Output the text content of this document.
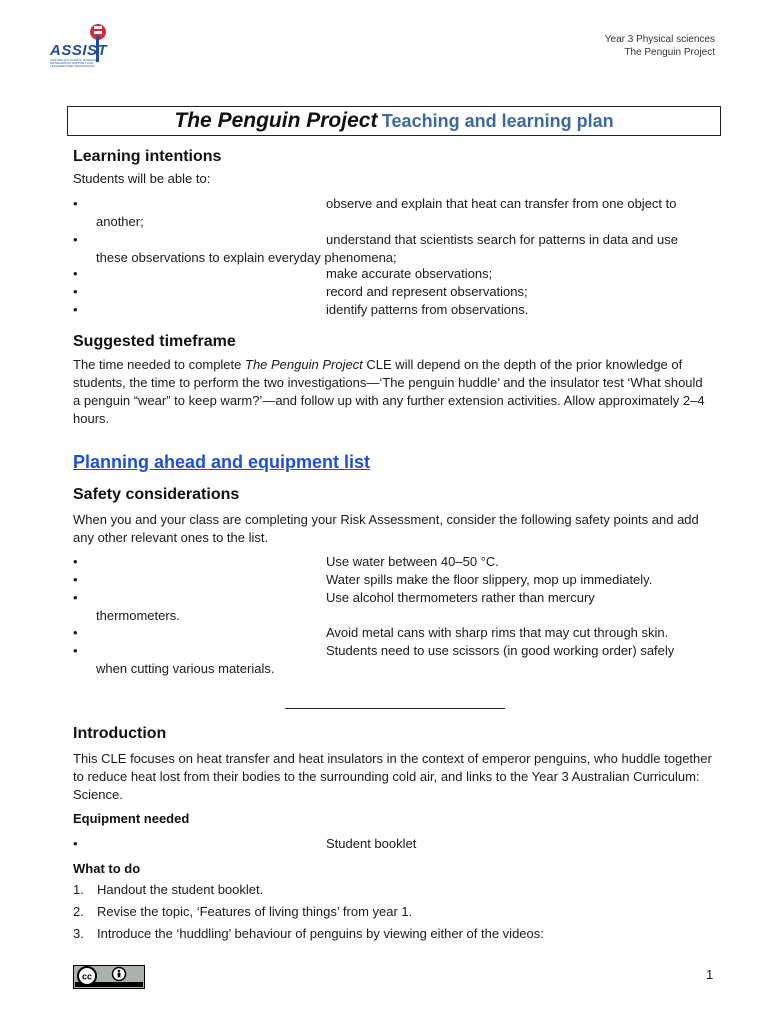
ASSIST
AUSTRALIAN SCHOOL SCIENCE INFORMATION SUPPORT FOR TEACHERS AND TECHNICIANS
Year 3 Physical sciences
The Penguin Project
The Penguin Project Teaching and learning plan
Learning intentions
Students will be able to:
•	observe and explain that heat can transfer from one object to
another;
•	understand that scientists search for patterns in data and use
these observations to explain everyday phenomena;
•	make accurate observations;
•	record and represent observations;
•	identify patterns from observations.
Suggested timeframe
The time needed to complete The Penguin Project CLE will depend on the depth of the prior knowledge of students, the time to perform the two investigations—‘The penguin huddle’ and the insulator test ‘What should a penguin “wear” to keep warm?’—and follow up with any further extension activities. Allow approximately 2–4 hours.
Planning ahead and equipment list
Safety considerations
When you and your class are completing your Risk Assessment, consider the following safety points and add any other relevant ones to the list.
•	Use water between 40–50 °C.
•	Water spills make the floor slippery, mop up immediately.
•	Use alcohol thermometers rather than mercury
thermometers.
•	Avoid metal cans with sharp rims that may cut through skin.
•	Students need to use scissors (in good working order) safely
when cutting various materials.
Introduction
This CLE focuses on heat transfer and heat insulators in the context of emperor penguins, who huddle together to reduce heat lost from their bodies to the surrounding cold air, and links to the Year 3 Australian Curriculum: Science.
Equipment needed
•	Student booklet
What to do
1. Handout the student booklet.
2. Revise the topic, ‘Features of living things’ from year 1.
3. Introduce the ‘huddling’ behaviour of penguins by viewing either of the videos:
cc	1
